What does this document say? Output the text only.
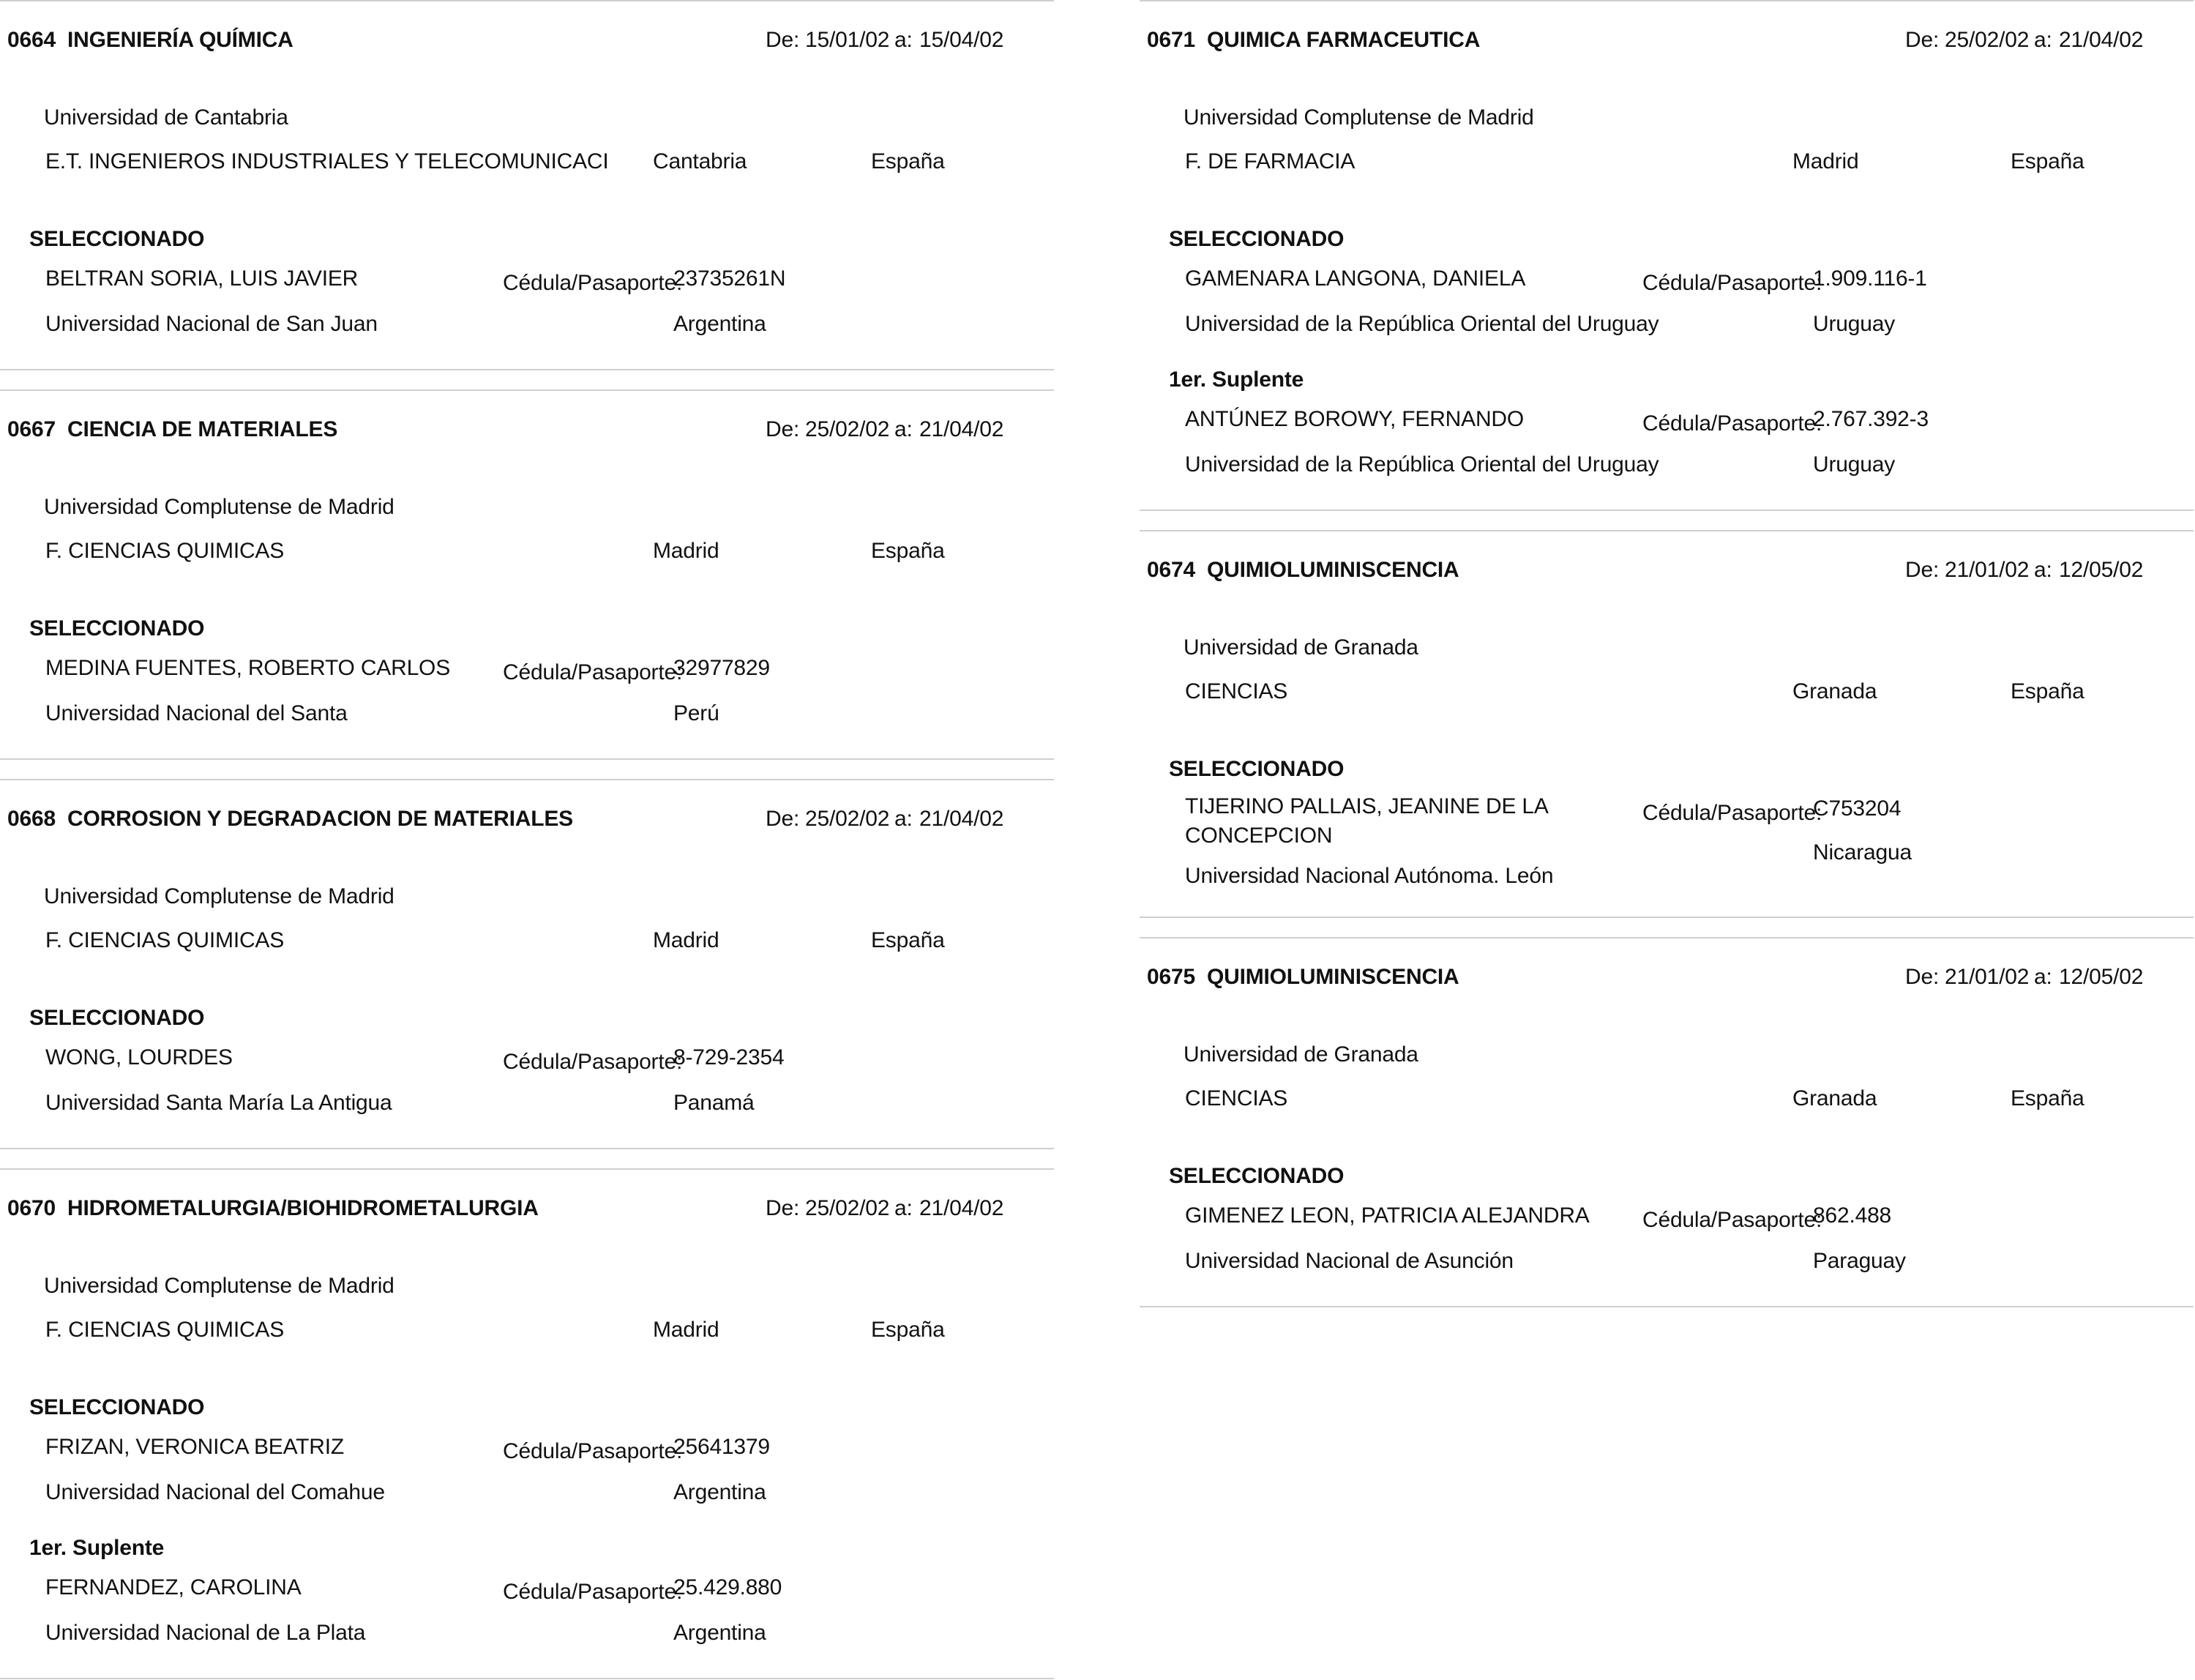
0664 INGENIERÍA QUÍMICA	De: 15/01/02 a: 15/04/02
Universidad de Cantabria
E.T. INGENIEROS INDUSTRIALES Y TELECOMUNICACI Cantabria	España
SELECCIONADO
BELTRAN SORIA, LUIS JAVIER	Cédula/Pasaporte:
23735261N
Universidad Nacional de San Juan	Argentina
0667 CIENCIA DE MATERIALES	De: 25/02/02 a: 21/04/02
Universidad Complutense de Madrid
F. CIENCIAS QUIMICAS	Madrid	España
SELECCIONADO
MEDINA FUENTES, ROBERTO CARLOS Cédula/Pasaporte:
32977829
Universidad Nacional del Santa	Perú
0668 CORROSION Y DEGRADACION DE MATERIALES	De: 25/02/02 a: 21/04/02
Universidad Complutense de Madrid
F. CIENCIAS QUIMICAS	Madrid	España
SELECCIONADO
WONG, LOURDES	Cédula/Pasaporte:
8-729-2354
Universidad Santa María La Antigua	Panamá
0670 HIDROMETALURGIA/BIOHIDROMETALURGIA	De: 25/02/02 a: 21/04/02
Universidad Complutense de Madrid
F. CIENCIAS QUIMICAS	Madrid	España
SELECCIONADO
FRIZAN, VERONICA BEATRIZ	Cédula/Pasaporte:
25641379
Universidad Nacional del Comahue	Argentina
1er. Suplente
FERNANDEZ, CAROLINA	Cédula/Pasaporte:
25.429.880
Universidad Nacional de La Plata	Argentina
0671 QUIMICA FARMACEUTICA	De: 25/02/02 a: 21/04/02
Universidad Complutense de Madrid
F. DE FARMACIA	Madrid	España
SELECCIONADO
GAMENARA LANGONA, DANIELA	Cédula/Pasaporte:
1.909.116-1
Universidad de la República Oriental del Uruguay	Uruguay
1er. Suplente
ANTÚNEZ BOROWY, FERNANDO	Cédula/Pasaporte:
2.767.392-3
Universidad de la República Oriental del Uruguay	Uruguay
0674 QUIMIOLUMINISCENCIA	De: 21/01/02 a: 12/05/02
Universidad de Granada
CIENCIAS	Granada	España
SELECCIONADO
TIJERINO PALLAIS, JEANINE DE LA CONCEPCION
Cédula/Pasaporte:
C753204
Universidad Nacional Autónoma. León
Nicaragua
0675 QUIMIOLUMINISCENCIA	De: 21/01/02 a: 12/05/02
Universidad de Granada
CIENCIAS	Granada	España
SELECCIONADO
GIMENEZ LEON, PATRICIA ALEJANDRA Cédula/Pasaporte:
862.488
Universidad Nacional de Asunción	Paraguay
